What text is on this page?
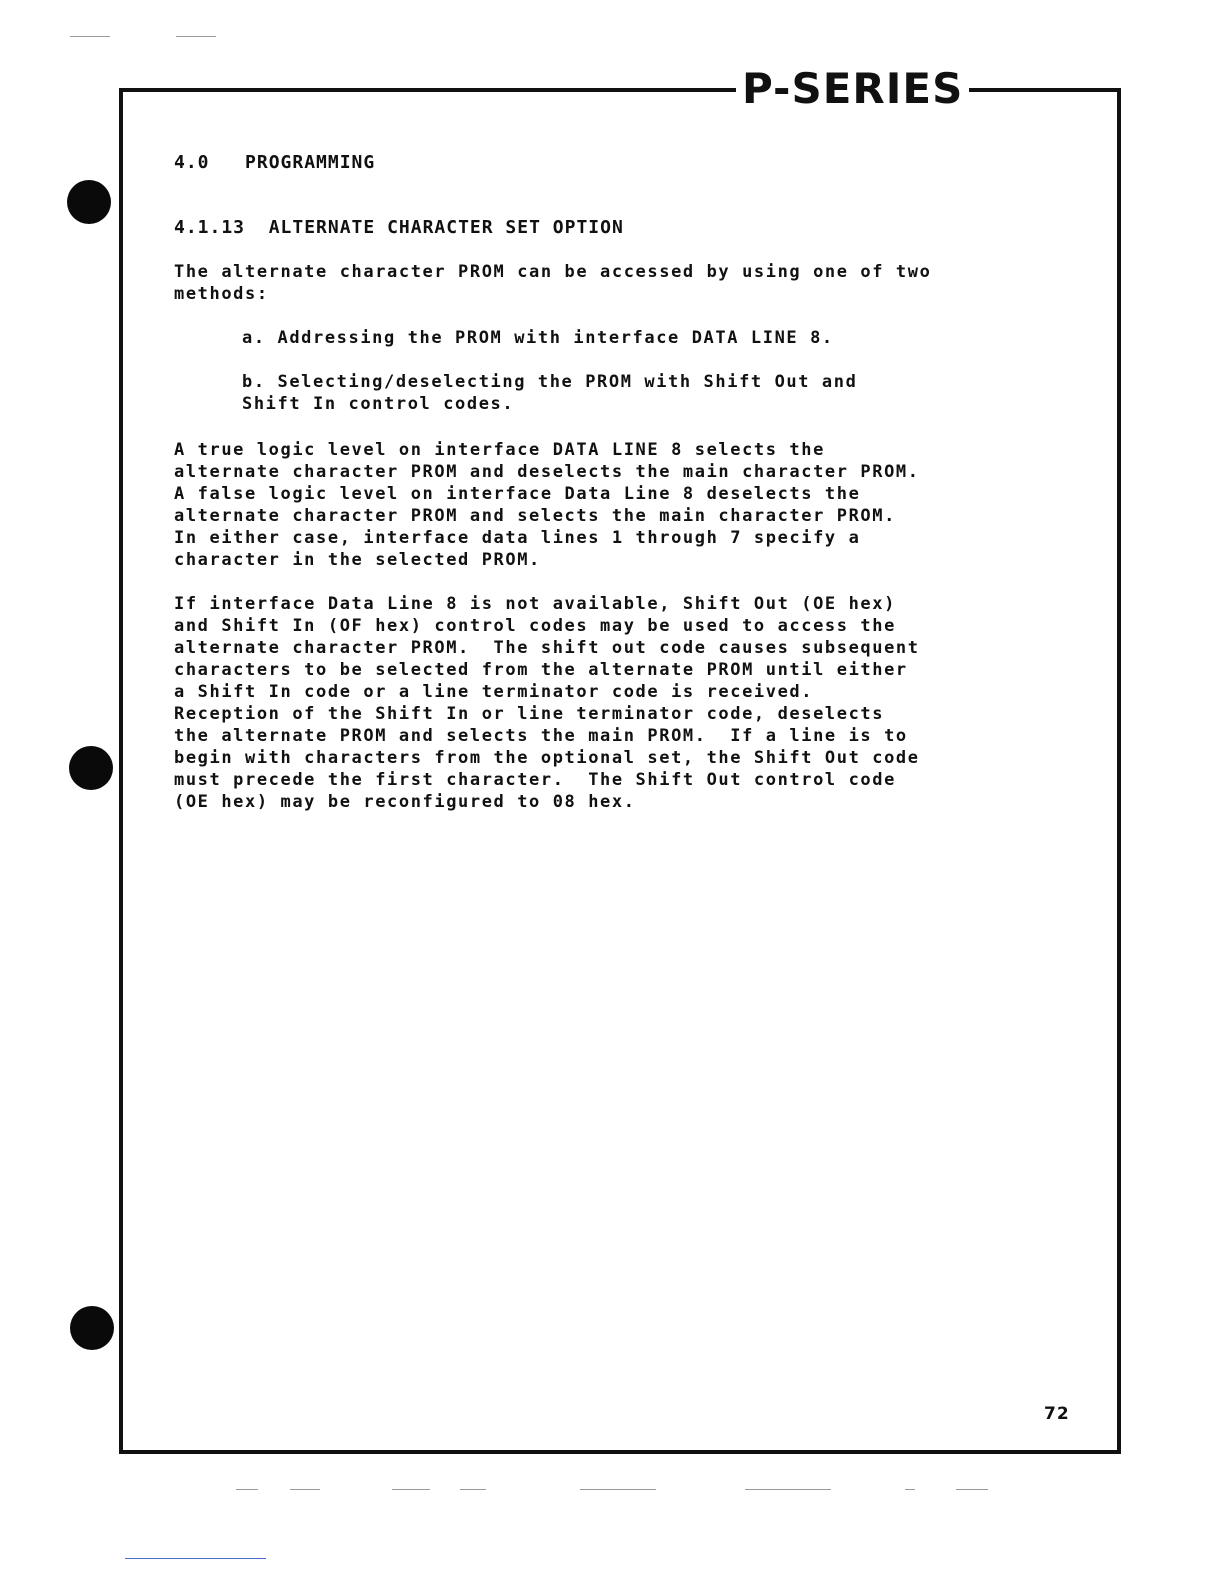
P-SERIES
4.0   PROGRAMMING
4.1.13  ALTERNATE CHARACTER SET OPTION
The alternate character PROM can be accessed by using one of two
methods:
a. Addressing the PROM with interface DATA LINE 8.
b. Selecting/deselecting the PROM with Shift Out and
Shift In control codes.
A true logic level on interface DATA LINE 8 selects the
alternate character PROM and deselects the main character PROM.
A false logic level on interface Data Line 8 deselects the
alternate character PROM and selects the main character PROM.
In either case, interface data lines 1 through 7 specify a
character in the selected PROM.
If interface Data Line 8 is not available, Shift Out (OE hex)
and Shift In (OF hex) control codes may be used to access the
alternate character PROM.  The shift out code causes subsequent
characters to be selected from the alternate PROM until either
a Shift In code or a line terminator code is received.
Reception of the Shift In or line terminator code, deselects
the alternate PROM and selects the main PROM.  If a line is to
begin with characters from the optional set, the Shift Out code
must precede the first character.  The Shift Out control code
(OE hex) may be reconfigured to 08 hex.
72
